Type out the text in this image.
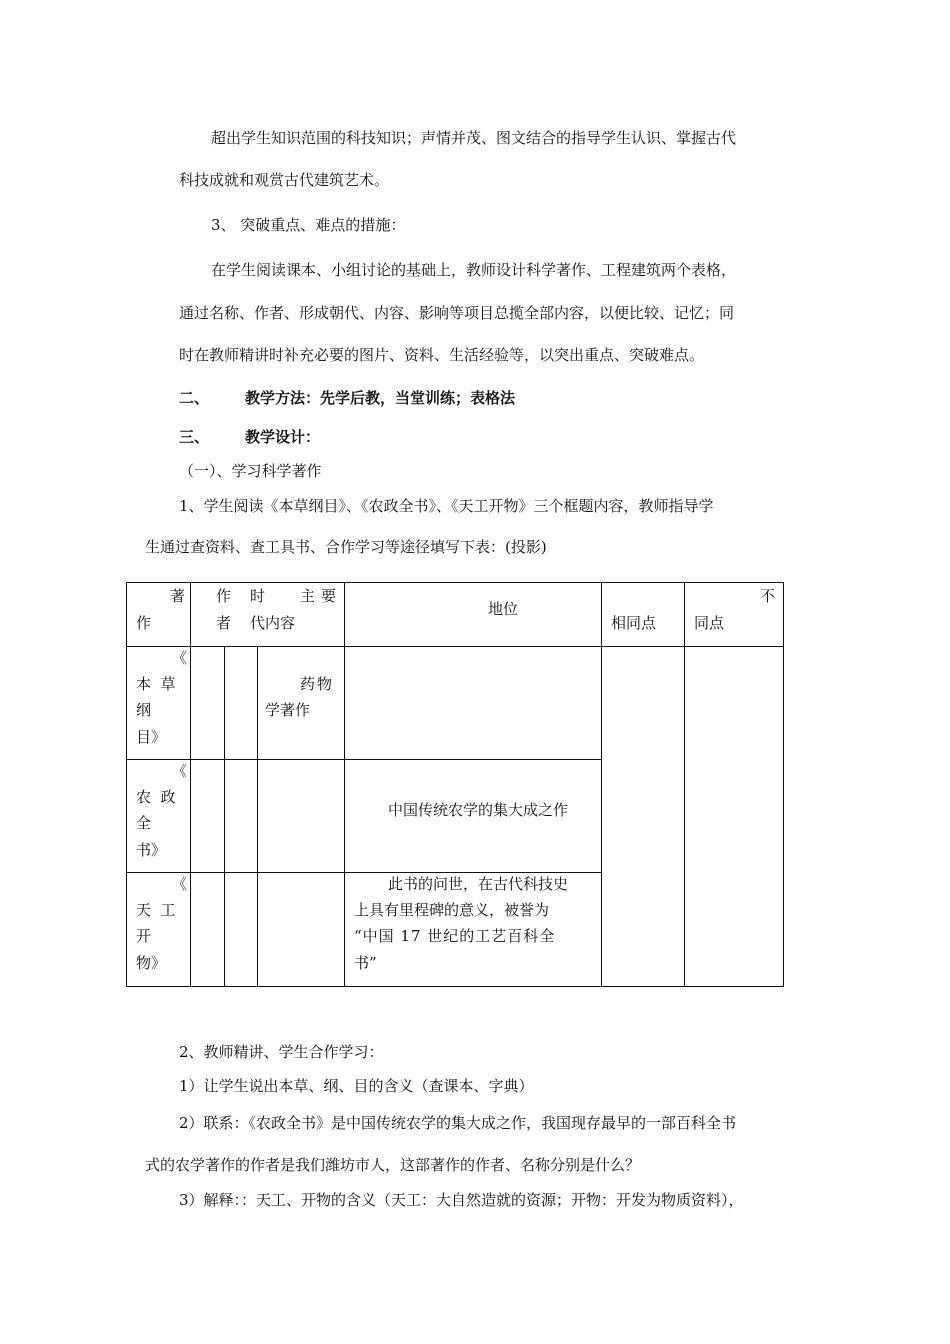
超出学生知识范围的科技知识；声情并茂、图文结合的指导学生认识、掌握古代
科技成就和观赏古代建筑艺术。
3、 突破重点、难点的措施：
在学生阅读课本、小组讨论的基础上，教师设计科学著作、工程建筑两个表格，
通过名称、作者、形成朝代、内容、影响等项目总揽全部内容，以便比较、记忆；同
时在教师精讲时补充必要的图片、资料、生活经验等，以突出重点、突破难点。
二、 教学方法：先学后教，当堂训练；表格法
三、 教学设计：
（一）、学习科学著作
1、学生阅读《本草纲目》、《农政全书》、《天工开物》三个框题内容，教师指导学
生通过查资料、查工具书、合作学习等途径填写下表：(投影)
著
作
作
者
时
代
主要
内容
地位
相同点
不
同点
《
本  草
纲
目》
药物
学著作
《
农  政
全
书》
中国传统农学的集大成之作
《
天  工
开
物》
此书的问世，在古代科技史
上具有里程碑的意义，被誉为
“中国 17 世纪的工艺百科全
书”
2、教师精讲、学生合作学习：
1）让学生说出本草、纲、目的含义（查课本、字典）
2）联系：《农政全书》是中国传统农学的集大成之作，我国现存最早的一部百科全书
式的农学著作的作者是我们潍坊市人，这部著作的作者、名称分别是什么？
3）解释：：天工、开物的含义（天工：大自然造就的资源；开物：开发为物质资料），
